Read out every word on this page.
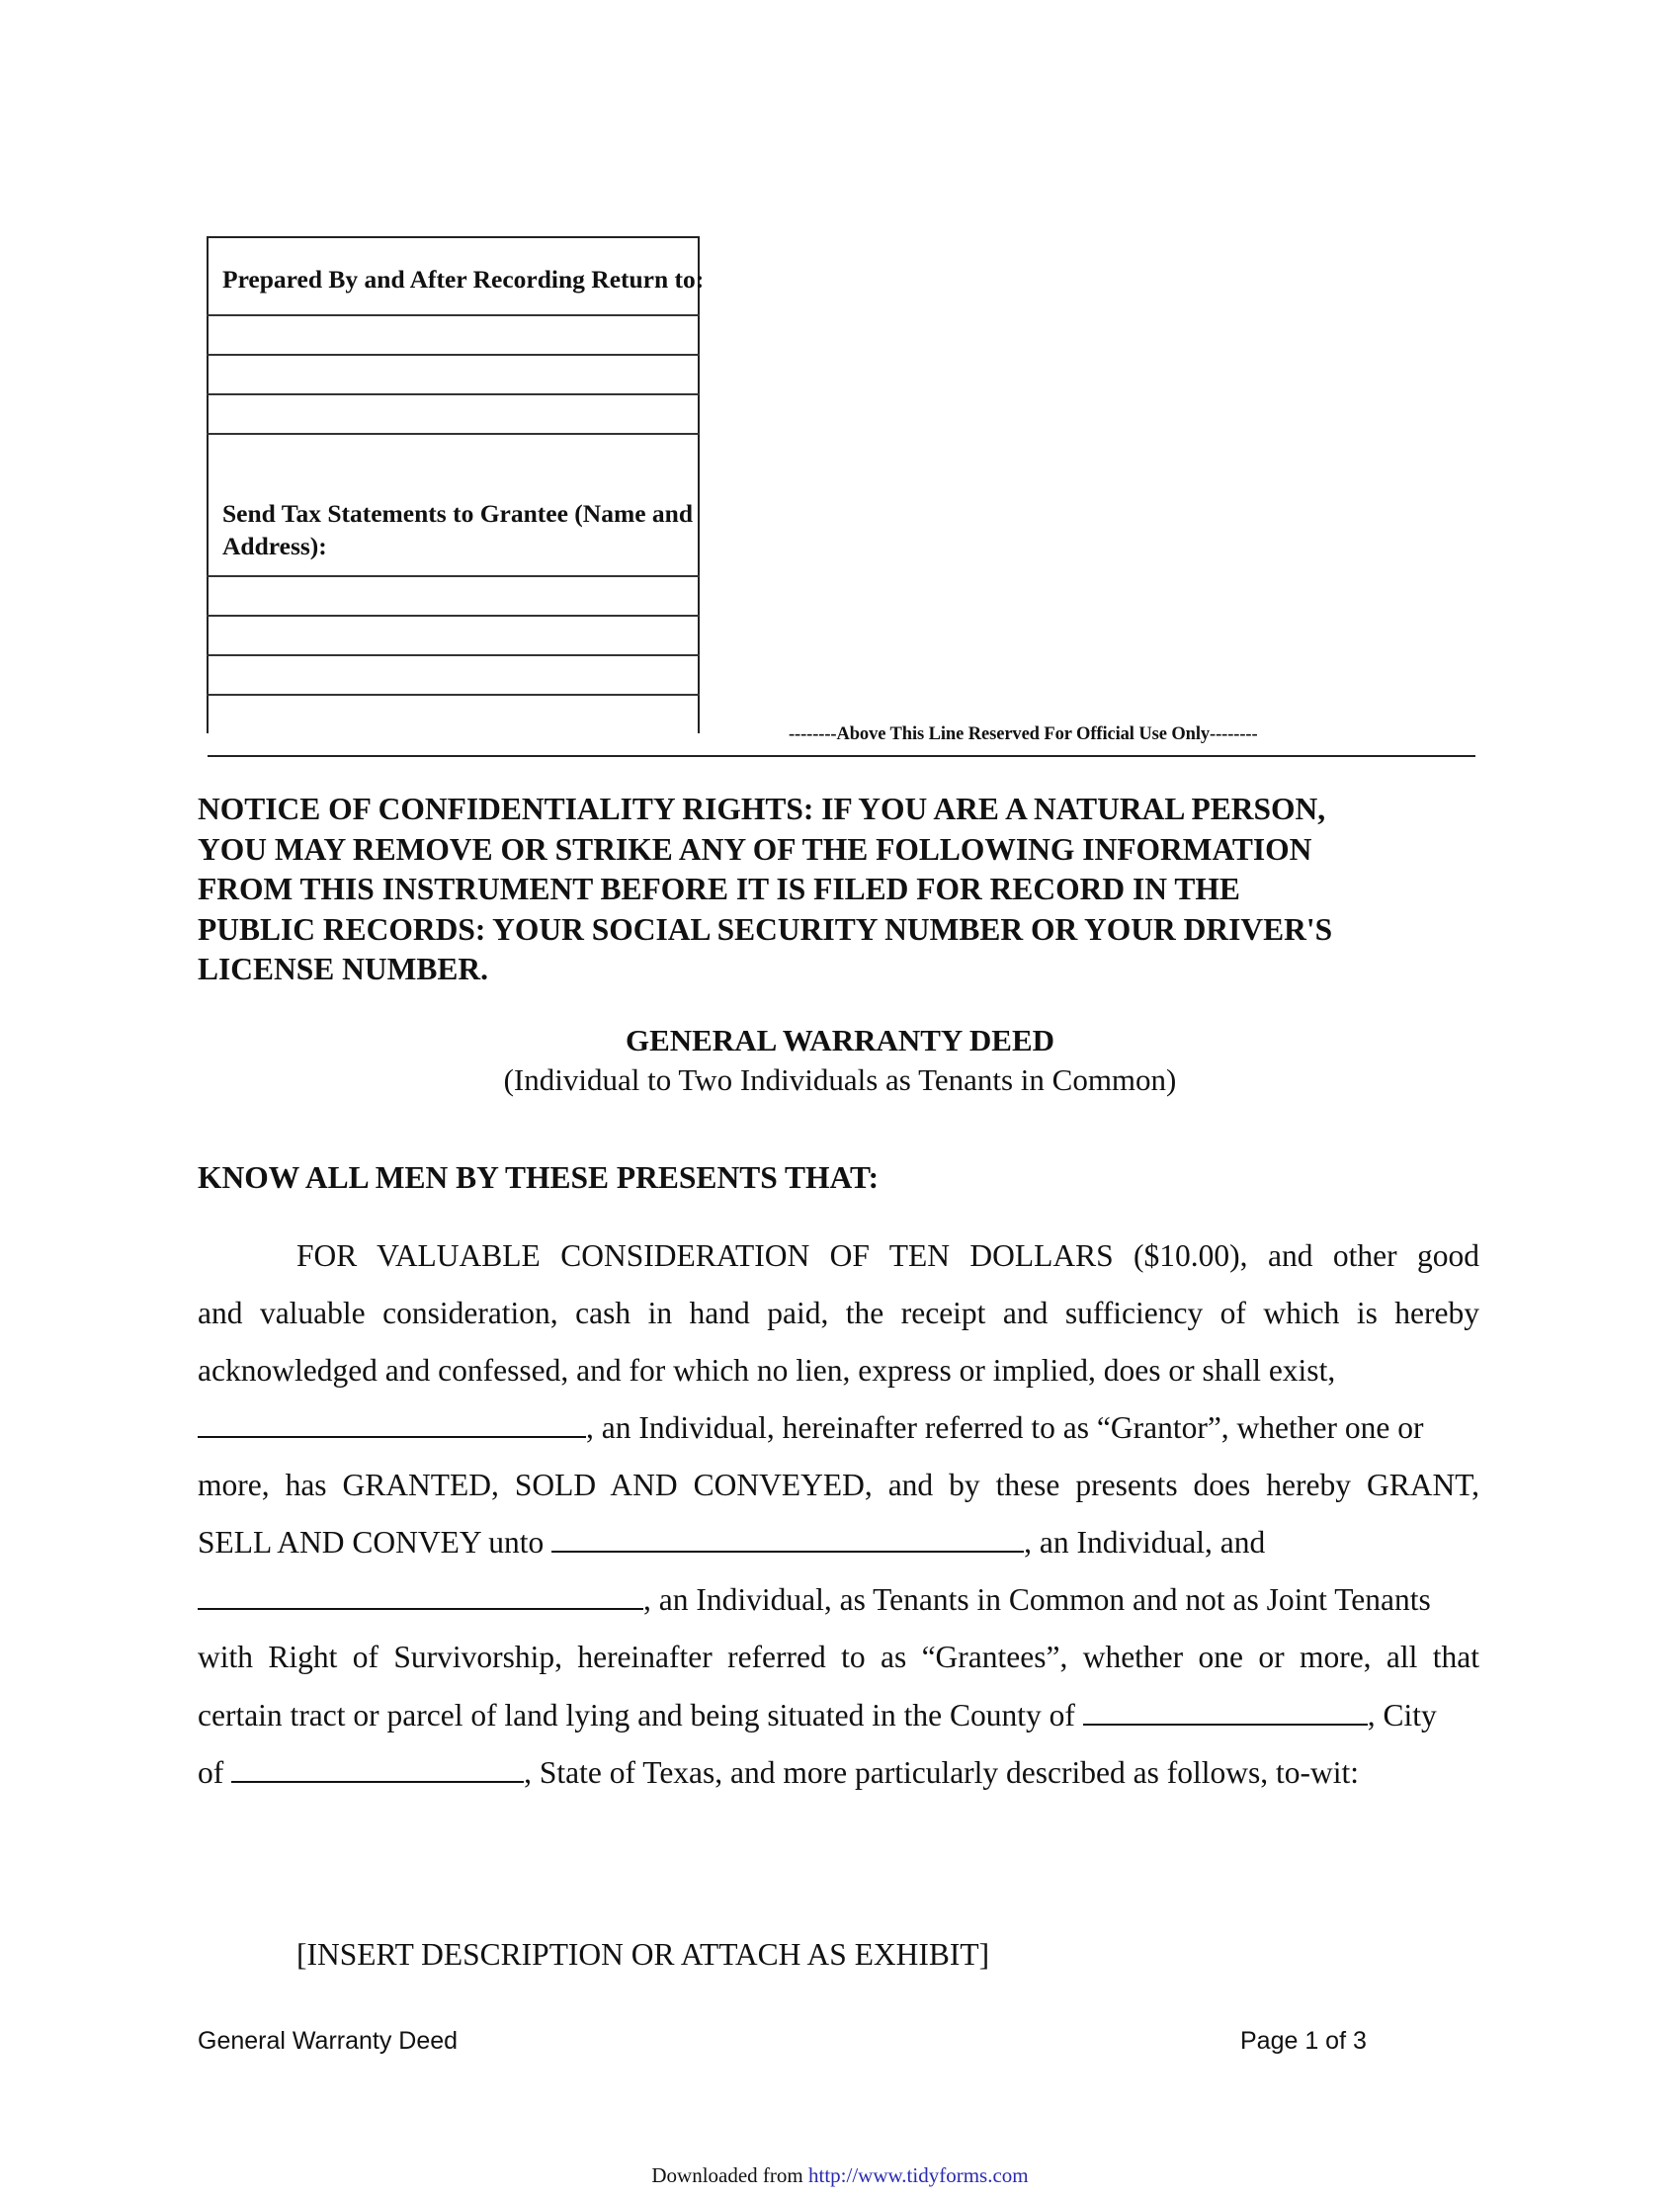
Prepared By and After Recording Return to:
Send Tax Statements to Grantee (Name and
Address):
--------Above This Line Reserved For Official Use Only--------
NOTICE OF CONFIDENTIALITY RIGHTS: IF YOU ARE A NATURAL PERSON,
YOU MAY REMOVE OR STRIKE ANY OF THE FOLLOWING INFORMATION
FROM THIS INSTRUMENT BEFORE IT IS FILED FOR RECORD IN THE
PUBLIC RECORDS: YOUR SOCIAL SECURITY NUMBER OR YOUR DRIVER'S
LICENSE NUMBER.
GENERAL WARRANTY DEED
(Individual to Two Individuals as Tenants in Common)
KNOW ALL MEN BY THESE PRESENTS THAT:
FOR VALUABLE CONSIDERATION OF TEN DOLLARS ($10.00), and other good
and valuable consideration, cash in hand paid, the receipt and sufficiency of which is hereby
acknowledged and confessed, and for which no lien, express or implied, does or shall exist,
, an Individual, hereinafter referred to as “Grantor”, whether one or
more, has GRANTED, SOLD AND CONVEYED, and by these presents does hereby GRANT,
SELL AND CONVEY unto	, an Individual, and
, an Individual, as Tenants in Common and not as Joint Tenants
with Right of Survivorship, hereinafter referred to as “Grantees”, whether one or more, all that
certain tract or parcel of land lying and being situated in the County of	, City
of	, State of Texas, and more particularly described as follows, to-wit:
[INSERT DESCRIPTION OR ATTACH AS EXHIBIT]
General Warranty Deed	Page 1 of 3
Downloaded from http://www.tidyforms.com
